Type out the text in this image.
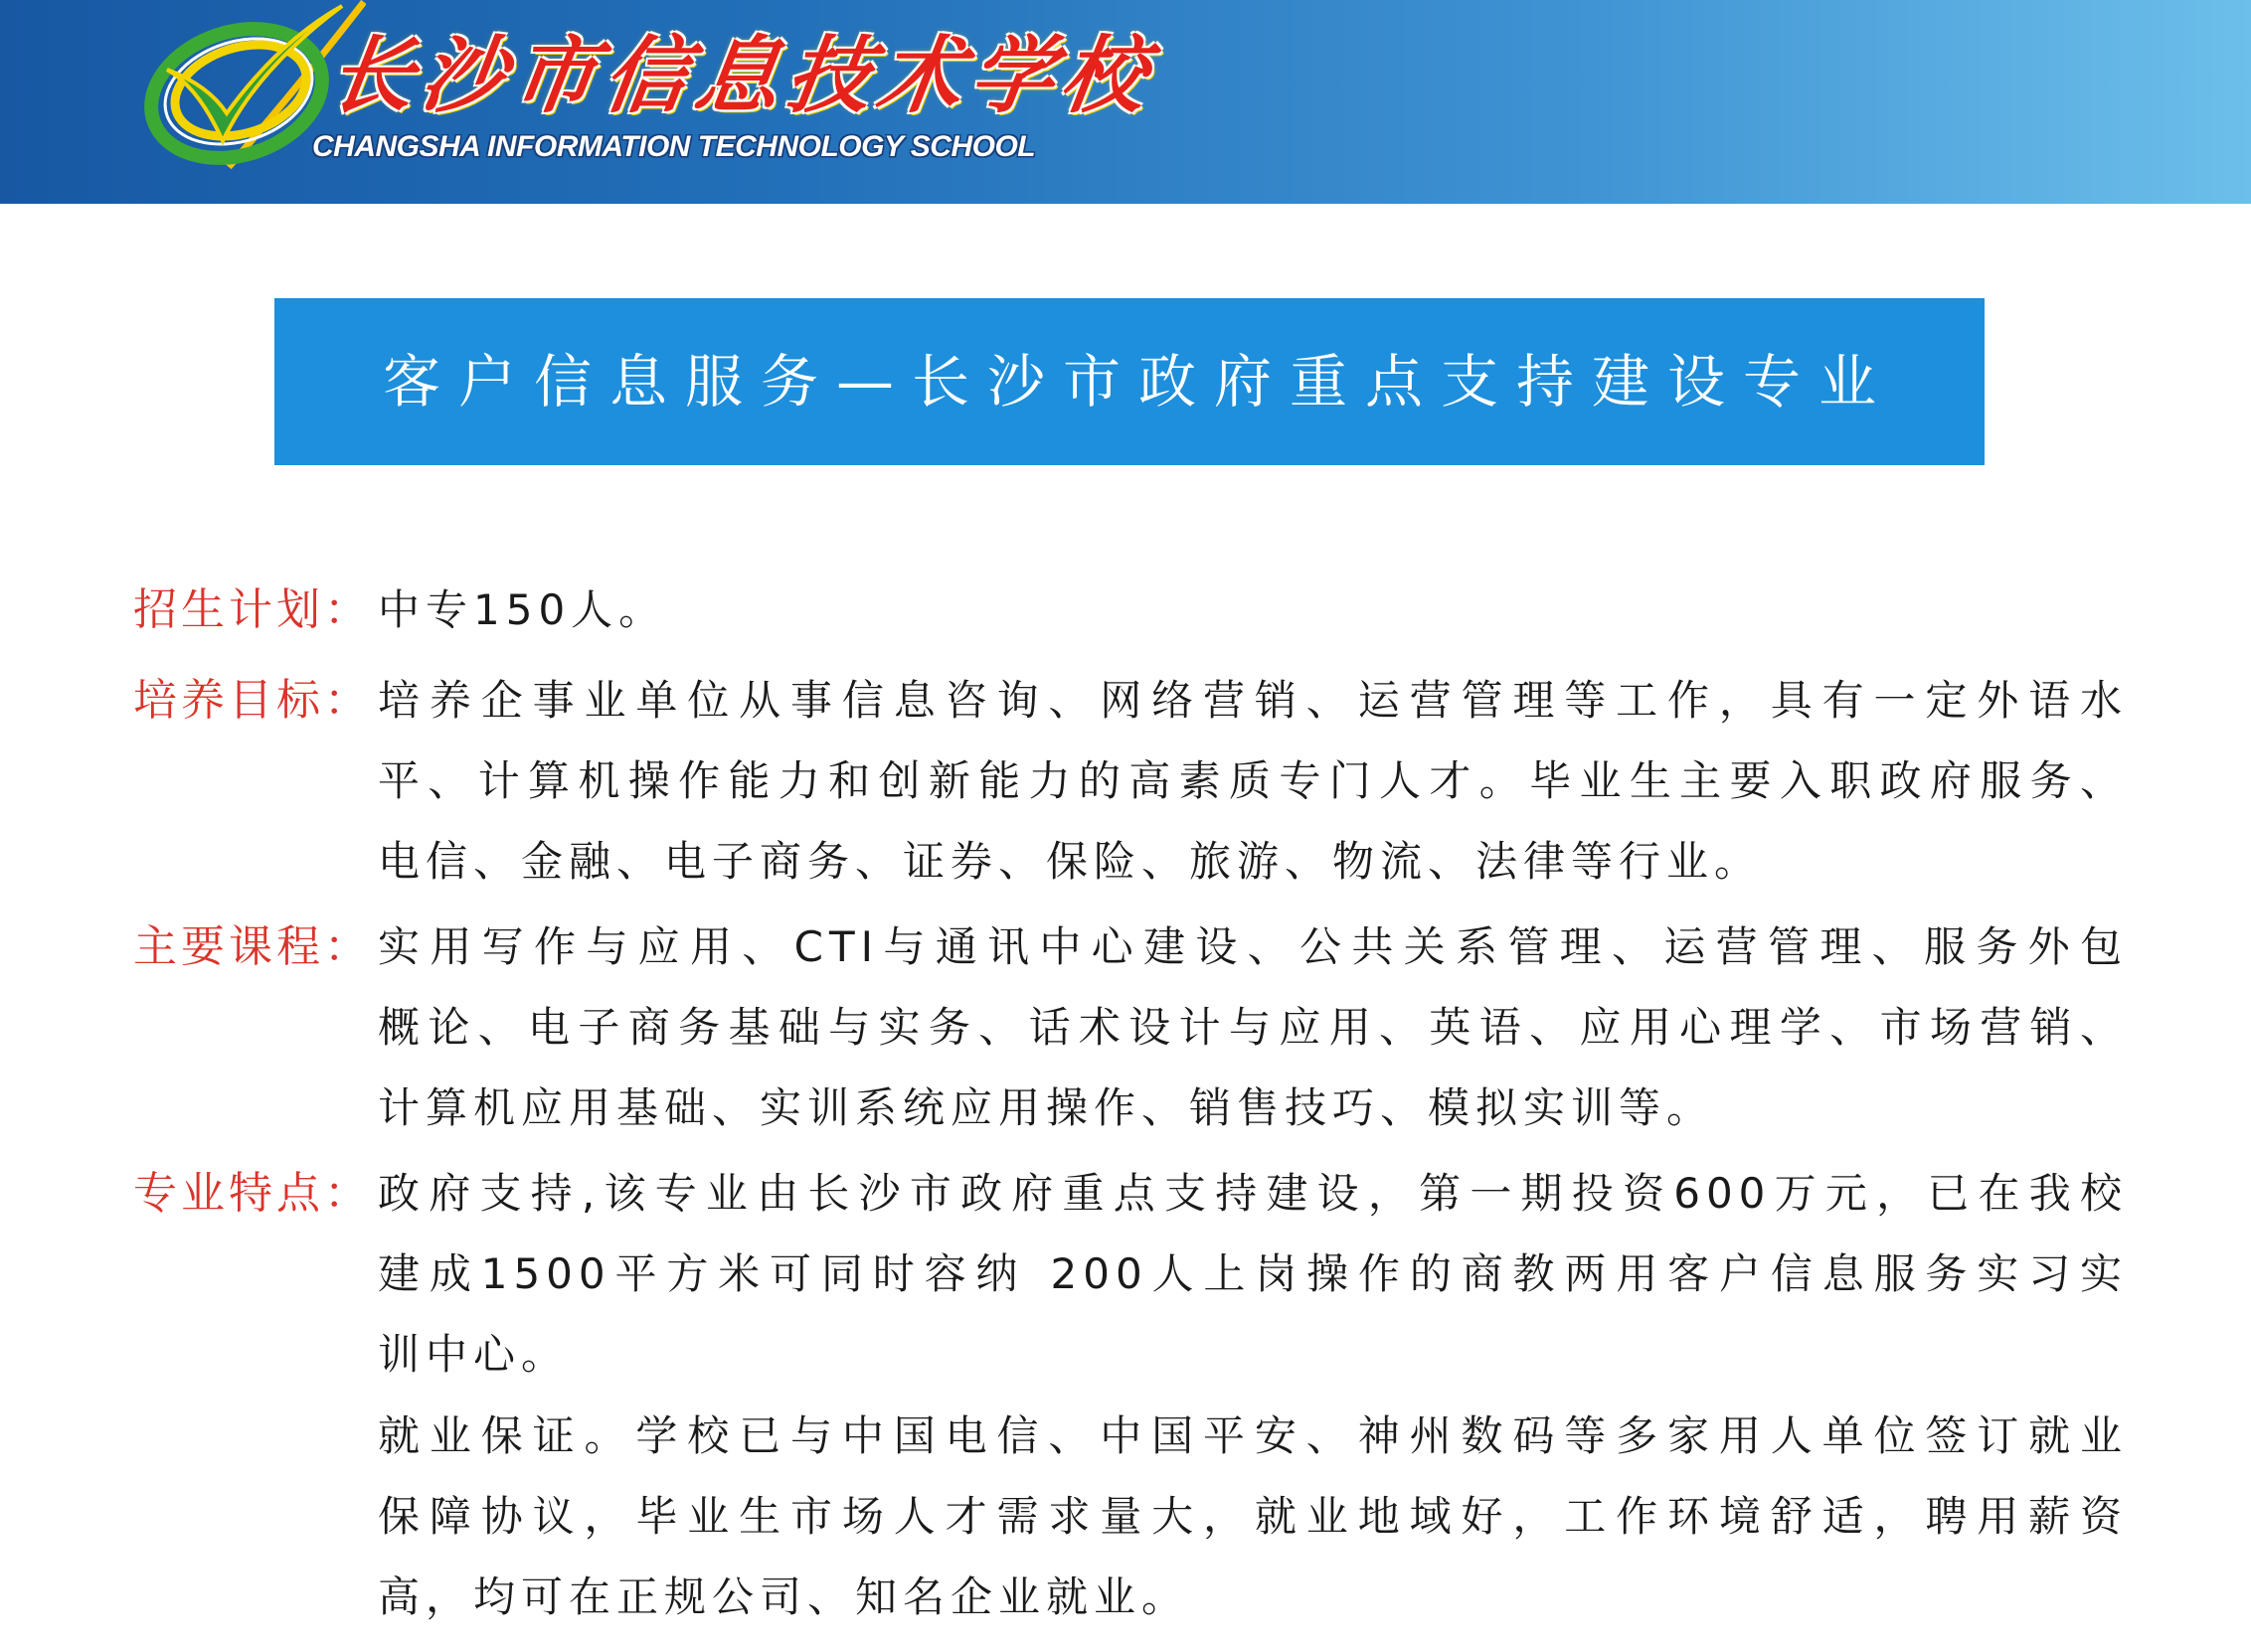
长沙市信息技术学校
CHANGSHA INFORMATION TECHNOLOGY SCHOOL
客户信息服务—长沙市政府重点支持建设专业
招生计划： 中专150人。
培养目标： 培养企事业单位从事信息咨询、网络营销、运营管理等工作，具有一定外语水
平、计算机操作能力和创新能力的高素质专门人才。毕业生主要入职政府服务、
电信、金融、电子商务、证券、保险、旅游、物流、法律等行业。
主要课程： 实用写作与应用、CTI与通讯中心建设、公共关系管理、运营管理、服务外包
概论、电子商务基础与实务、话术设计与应用、英语、应用心理学、市场营销、
计算机应用基础、实训系统应用操作、销售技巧、模拟实训等。
专业特点： 政府支持,该专业由长沙市政府重点支持建设，第一期投资600万元，已在我校
建成1500平方米可同时容纳 200人上岗操作的商教两用客户信息服务实习实
训中心。
就业保证。学校已与中国电信、中国平安、神州数码等多家用人单位签订就业
保障协议，毕业生市场人才需求量大，就业地域好，工作环境舒适，聘用薪资
高，均可在正规公司、知名企业就业。
